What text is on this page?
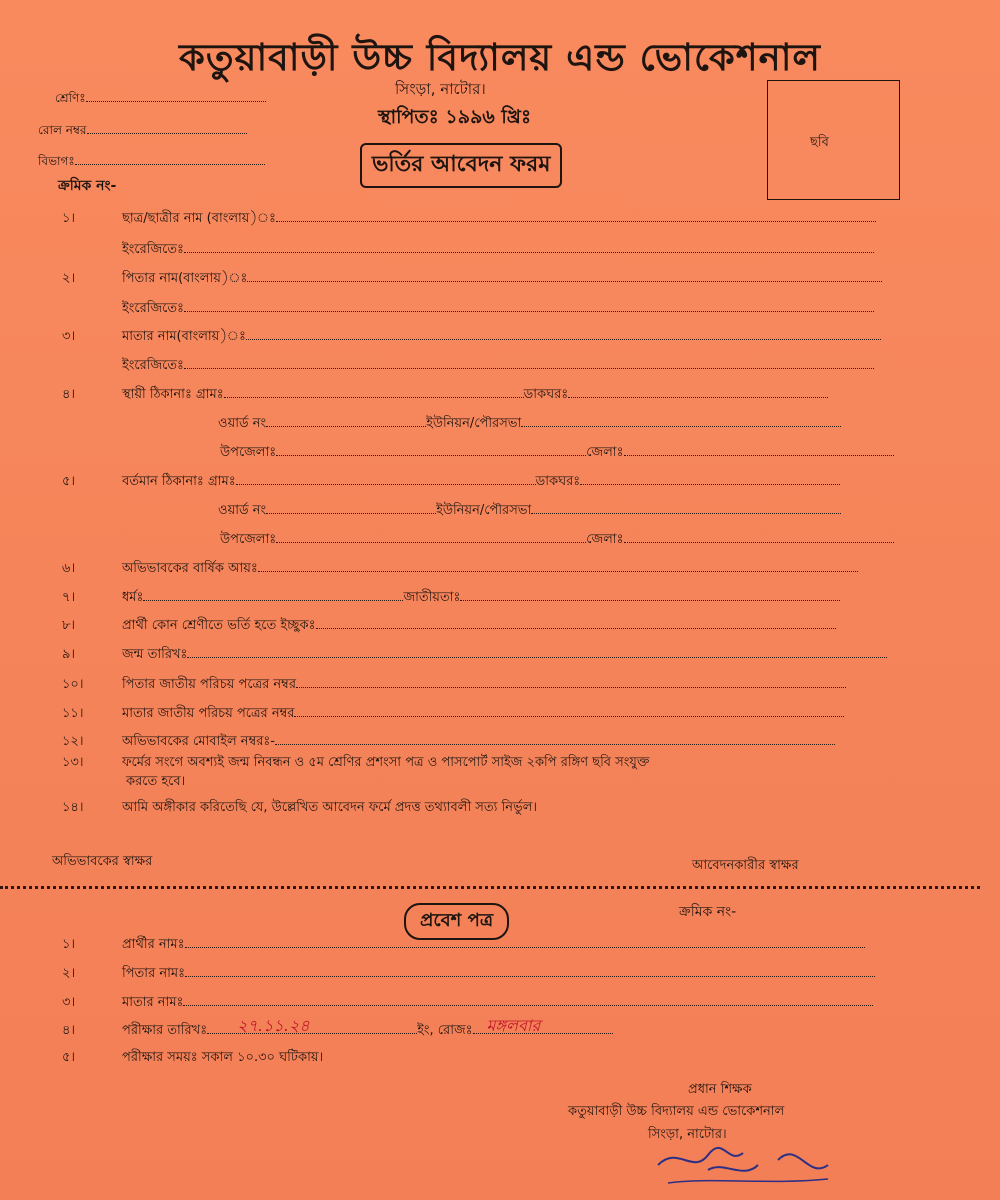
কতুয়াবাড়ী উচ্চ বিদ্যালয় এন্ড ভোকেশনাল
সিংড়া, নাটোর।
স্থাপিতঃ ১৯৯৬ খ্রিঃ
ভর্তির আবেদন ফরম
শ্রেণিঃ
রোল নম্বর
বিভাগঃ
ক্রমিক নং-
ছবি
১।	ছাত্র/ছাত্রীর নাম (বাংলায়)ঃ
ইংরেজিতেঃ
২।	পিতার নাম(বাংলায়)ঃ
ইংরেজিতেঃ
৩।	মাতার নাম(বাংলায়)ঃ
ইংরেজিতেঃ
৪।	স্থায়ী ঠিকানাঃ গ্রামঃ	ডাকঘরঃ
ওয়ার্ড নং	ইউনিয়ন/পৌরসভা
উপজেলাঃ	জেলাঃ
৫।	বর্তমান ঠিকানাঃ গ্রামঃ	ডাকঘরঃ
ওয়ার্ড নং	ইউনিয়ন/পৌরসভা
উপজেলাঃ	জেলাঃ
৬।	অভিভাবকের বার্ষিক আয়ঃ
৭।	ধর্মঃ	জাতীয়তাঃ
৮।	প্রার্থী কোন শ্রেণীতে ভর্তি হতে ইচ্ছুকঃ
৯।	জন্ম তারিখঃ
১০।	পিতার জাতীয় পরিচয় পত্রের নম্বর
১১।	মাতার জাতীয় পরিচয় পত্রের নম্বর
১২।	অভিভাবকের মোবাইল নম্বরঃ-
১৩।	ফর্মের সংগে অবশ্যই জন্ম নিবন্ধন ও ৫ম শ্রেণির প্রশংসা পত্র ও পাসপোর্ট সাইজ ২কপি রঙ্গিণ ছবি সংযুক্ত
করতে হবে।
১৪।	আমি অঙ্গীকার করিতেছি যে, উল্লেখিত আবেদন ফর্মে প্রদত্ত তথ্যাবলী সত্য নির্ভুল।
অভিভাবকের স্বাক্ষর	আবেদনকারীর স্বাক্ষর
প্রবেশ পত্র	ক্রমিক নং-
১।	প্রার্থীর নামঃ
২।	পিতার নামঃ
৩।	মাতার নামঃ
৪।	পরীক্ষার তারিখঃ ২৭.১১.২৪	ইং, রোজঃ মঙ্গলবার
৫।	পরীক্ষার সময়ঃ সকাল ১০.৩০ ঘটিকায়।
প্রধান শিক্ষক
কতুয়াবাড়ী উচ্চ বিদ্যালয় এন্ড ভোকেশনাল
সিংড়া, নাটোর।
